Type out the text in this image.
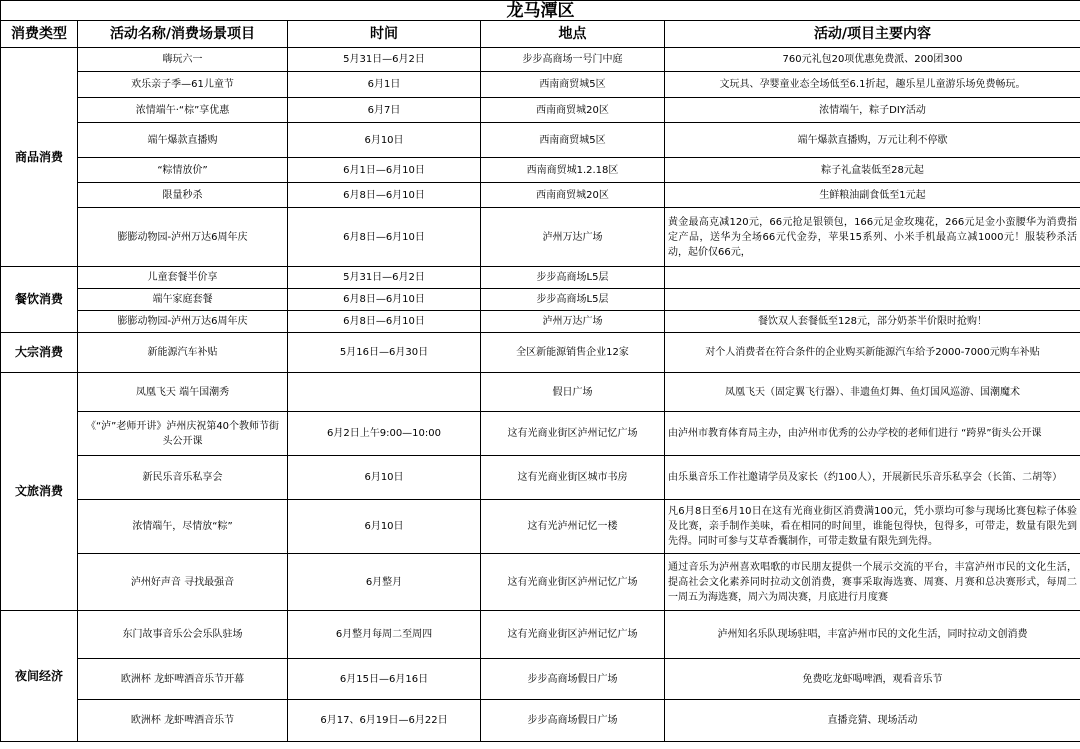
龙马潭区				
消费类型	活动名称/消费场景项目	时间	地点	活动/项目主要内容
商品消费	嗨玩六一	5月31日—6月2日	步步高商场一号门中庭	760元礼包20项优惠免费派、200团300
	欢乐亲子季—61儿童节	6月1日	西南商贸城5区	文玩具、孕婴童业态全场低至6.1折起，趣乐星儿童游乐场免费畅玩。
	浓情端午·“棕”享优惠	6月7日	西南商贸城20区	浓情端午，粽子DIY活动
	端午爆款直播购	6月10日	西南商贸城5区	端午爆款直播购，万元让利不停歇
	“粽情放价”	6月1日—6月10日	西南商贸城1.2.18区	粽子礼盒装低至28元起
	限量秒杀	6月8日—6月10日	西南商贸城20区	生鲜粮油副食低至1元起
	膨膨动物园-泸州万达6周年庆	6月8日—6月10日	泸州万达广场	黄金最高克减120元，66元抢足银锁包，166元足金玫瑰花，266元足金小蛮腰华为消费指定产品，送华为全场66元代金券，苹果15系列、小米手机最高立减1000元！服装秒杀活动，起价仅66元，
餐饮消费	儿童套餐半价享	5月31日—6月2日	步步高商场L5层	
	端午家庭套餐	6月8日—6月10日	步步高商场L5层	
	膨膨动物园-泸州万达6周年庆	6月8日—6月10日	泸州万达广场	餐饮双人套餐低至128元，部分奶茶半价限时抢购！
大宗消费	新能源汽车补贴	5月16日—6月30日	全区新能源销售企业12家	对个人消费者在符合条件的企业购买新能源汽车给予2000-7000元购车补贴
文旅消费	凤凰飞天 端午国潮秀		假日广场	凤凰飞天（固定翼飞行器）、非遗鱼灯舞、鱼灯国风巡游、国潮魔术
	《“泸”老师开讲》泸州庆祝第40个教师节街头公开课	6月2日上午9:00—10:00	这有光商业街区泸州记忆广场	由泸州市教育体育局主办，由泸州市优秀的公办学校的老师们进行 “跨界”街头公开课
	新民乐音乐私享会	6月10日	这有光商业街区城市书房	由乐巢音乐工作社邀请学员及家长（约100人），开展新民乐音乐私享会（长笛、二胡等）
	浓情端午，尽情放“粽”	6月10日	这有光泸州记忆一楼	凡6月8日至6月10日在这有光商业街区消费满100元，凭小票均可参与现场比赛包粽子体验及比赛，亲手制作美味，看在相同的时间里，谁能包得快，包得多，可带走，数量有限先到先得。同时可参与艾草香囊制作，可带走数量有限先到先得。
	泸州好声音 寻找最强音	6月整月	这有光商业街区泸州记忆广场	通过音乐为泸州喜欢唱歌的市民朋友提供一个展示交流的平台，丰富泸州市民的文化生活，提高社会文化素养同时拉动文创消费，赛事采取海选赛、周赛、月赛和总决赛形式，每周二一周五为海选赛，周六为周决赛，月底进行月度赛
夜间经济	东门故事音乐公会乐队驻场	6月整月每周二至周四	这有光商业街区泸州记忆广场	泸州知名乐队现场驻唱，丰富泸州市民的文化生活，同时拉动文创消费
	欧洲杯 龙虾啤酒音乐节开幕	6月15日—6月16日	步步高商场假日广场	免费吃龙虾喝啤酒，观看音乐节
	欧洲杯 龙虾啤酒音乐节	6月17、6月19日—6月22日	步步高商场假日广场	直播竞猜、现场活动
